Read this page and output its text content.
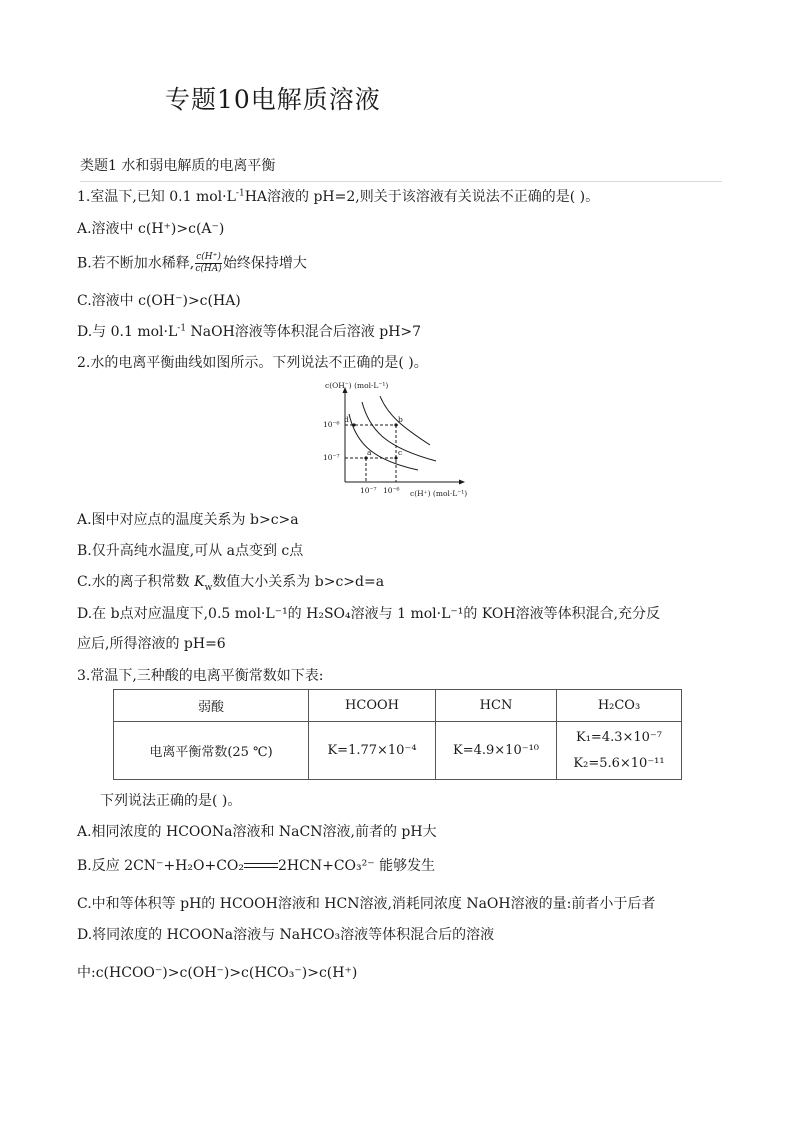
专题10电解质溶液
类题1 水和弱电解质的电离平衡
1.室温下,已知 0.1 $mol\cdot L^{-1}HA$溶液的 pH=2,则关于该溶液有关说法不正确的是( )。
A.溶液中 c(H⁺)>c(A⁻)
B.若不断加水稀释, $\frac{c(H^+)}{c(HA)}$ 始终保持增大
C.溶液中 c(OH⁻)>c(HA)
D.与 0.1 $mol\cdot L^{-1}$ NaOH溶液等体积混合后溶液 pH>7
2.水的电离平衡曲线如图所示。下列说法不正确的是( )。
c(OH⁻) (mol·L⁻¹)
c(H⁺) (mol·L⁻¹)
10⁻⁶
10⁻⁷
10⁻⁷ 10⁻⁶
d	b
a	c
A.图中对应点的温度关系为 b>c>a
B.仅升高纯水温度,可从 a点变到 c点
C.水的离子积常数 $K_w$数值大小关系为 b>c>d=a
D.在 b点对应温度下,0.5 mol·L⁻¹的 H₂SO₄溶液与 1 mol·L⁻¹的 KOH溶液等体积混合,充分反
应后,所得溶液的 pH=6
3.常温下,三种酸的电离平衡常数如下表:
弱酸	HCOOH	HCN	H₂CO₃
电离平衡常数(25 ℃)	K=1.77×10⁻⁴	K=4.9×10⁻¹⁰	K₁=4.3×10⁻⁷
K₂=5.6×10⁻¹¹
下列说法正确的是( )。
A.相同浓度的 HCOONa溶液和 NaCN溶液,前者的 pH大
B.反应 2CN⁻+H₂O+CO₂ 2HCN+CO₃²⁻ 能够发生
C.中和等体积等 pH的 HCOOH溶液和 HCN溶液,消耗同浓度 NaOH溶液的量:前者小于后者
D.将同浓度的 HCOONa溶液与 NaHCO₃溶液等体积混合后的溶液
中:c(HCOO⁻)>c(OH⁻)>c(HCO₃⁻)>c(H⁺)
